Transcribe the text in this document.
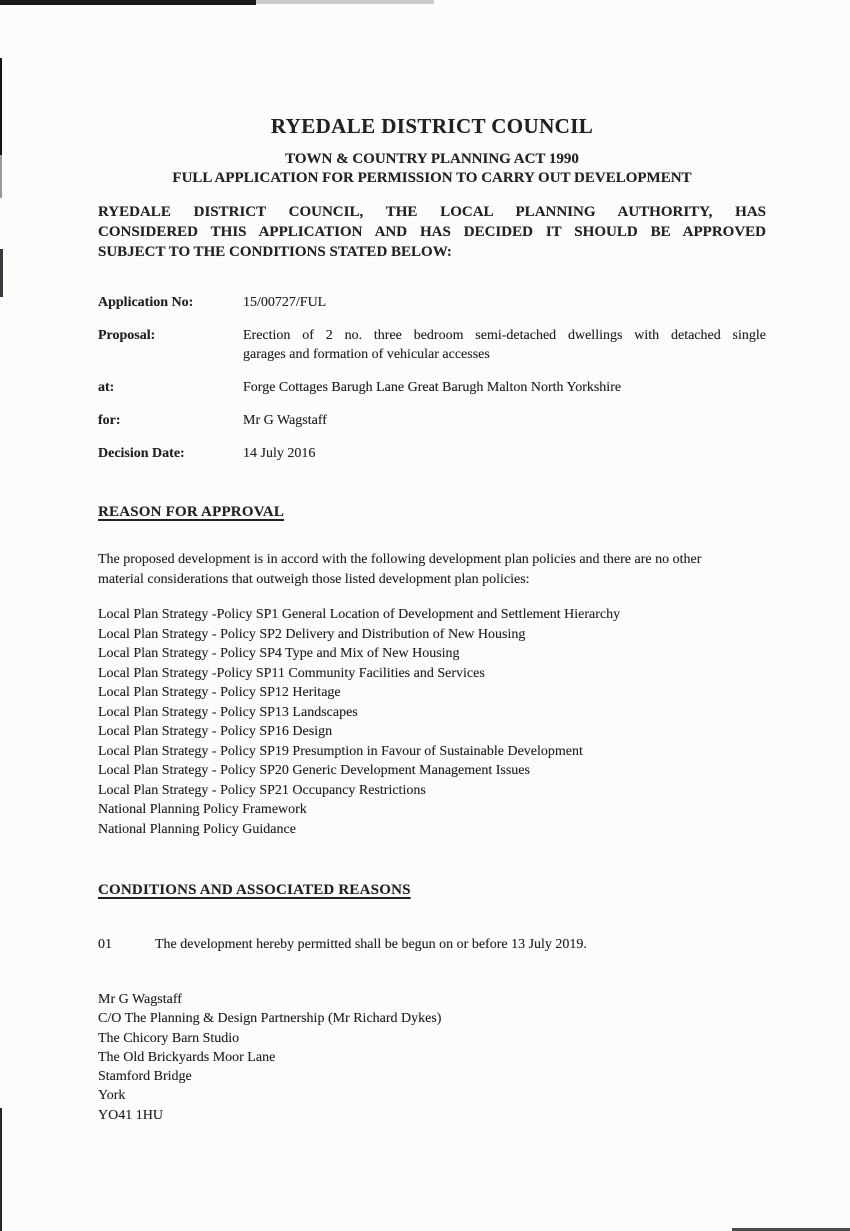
RYEDALE DISTRICT COUNCIL
TOWN & COUNTRY PLANNING ACT 1990
FULL APPLICATION FOR PERMISSION TO CARRY OUT DEVELOPMENT
RYEDALE DISTRICT COUNCIL, THE LOCAL PLANNING AUTHORITY, HAS
CONSIDERED THIS APPLICATION AND HAS DECIDED IT SHOULD BE APPROVED
SUBJECT TO THE CONDITIONS STATED BELOW:
Application No:	15/00727/FUL
Proposal:	Erection of 2 no. three bedroom semi-detached dwellings with detached single
garages and formation of vehicular accesses
at:	Forge Cottages Barugh Lane Great Barugh Malton North Yorkshire
for:	Mr G Wagstaff
Decision Date:	14 July 2016
REASON FOR APPROVAL
The proposed development is in accord with the following development plan policies and there are no other
material considerations that outweigh those listed development plan policies:
Local Plan Strategy -Policy SP1 General Location of Development and Settlement Hierarchy
Local Plan Strategy - Policy SP2 Delivery and Distribution of New Housing
Local Plan Strategy - Policy SP4 Type and Mix of New Housing
Local Plan Strategy -Policy SP11 Community Facilities and Services
Local Plan Strategy - Policy SP12 Heritage
Local Plan Strategy - Policy SP13 Landscapes
Local Plan Strategy - Policy SP16 Design
Local Plan Strategy - Policy SP19 Presumption in Favour of Sustainable Development
Local Plan Strategy - Policy SP20 Generic Development Management Issues
Local Plan Strategy - Policy SP21 Occupancy Restrictions
National Planning Policy Framework
National Planning Policy Guidance
CONDITIONS AND ASSOCIATED REASONS
01	The development hereby permitted shall be begun on or before 13 July 2019.
Mr G Wagstaff
C/O The Planning & Design Partnership (Mr Richard Dykes)
The Chicory Barn Studio
The Old Brickyards Moor Lane
Stamford Bridge
York
YO41 1HU
